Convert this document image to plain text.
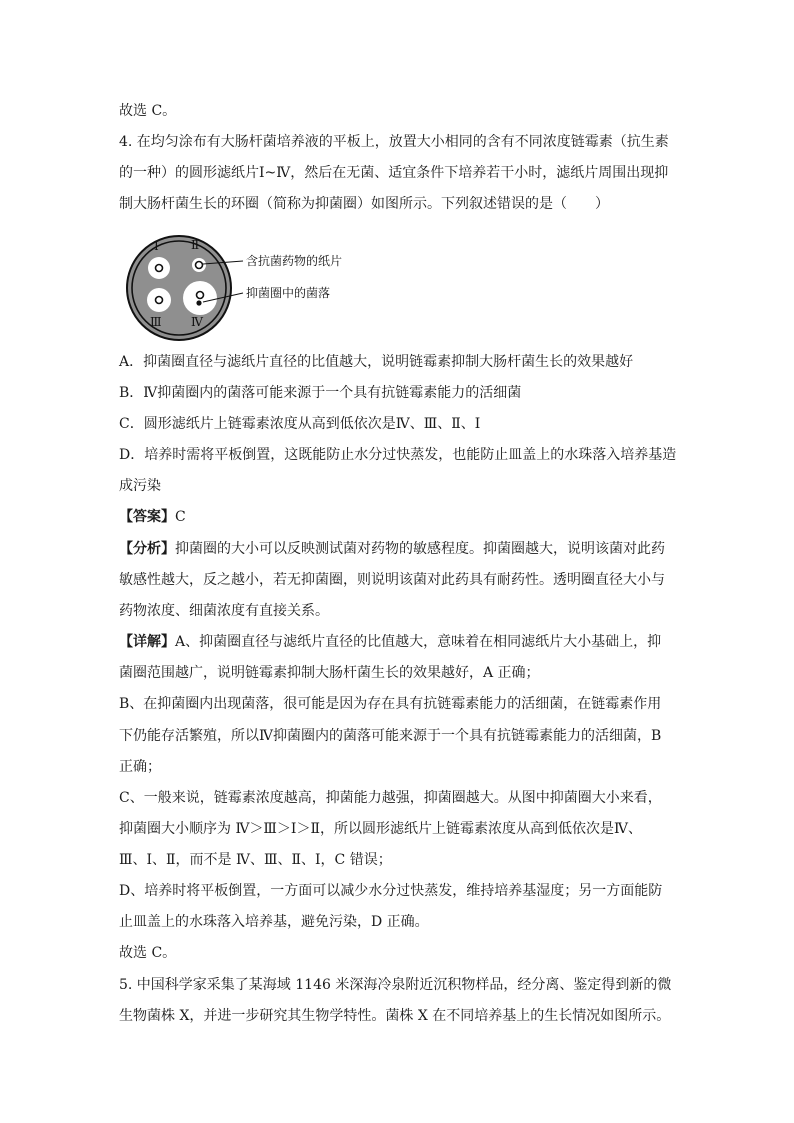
故选 C。
4. 在均匀涂布有大肠杆菌培养液的平板上，放置大小相同的含有不同浓度链霉素（抗生素
的一种）的圆形滤纸片Ⅰ~Ⅳ，然后在无菌、适宜条件下培养若干小时，滤纸片周围出现抑
制大肠杆菌生长的环圈（简称为抑菌圈）如图所示。下列叙述错误的是（　　）
Ⅰ	Ⅱ
Ⅲ Ⅳ
含抗菌药物的纸片
抑菌圈中的菌落
A．抑菌圈直径与滤纸片直径的比值越大，说明链霉素抑制大肠杆菌生长的效果越好
B．Ⅳ抑菌圈内的菌落可能来源于一个具有抗链霉素能力的活细菌
C．圆形滤纸片上链霉素浓度从高到低依次是Ⅳ、Ⅲ、Ⅱ、Ⅰ
D．培养时需将平板倒置，这既能防止水分过快蒸发，也能防止皿盖上的水珠落入培养基造
成污染
【答案】C
【分析】抑菌圈的大小可以反映测试菌对药物的敏感程度。抑菌圈越大，说明该菌对此药
敏感性越大，反之越小，若无抑菌圈，则说明该菌对此药具有耐药性。透明圈直径大小与
药物浓度、细菌浓度有直接关系。
【详解】A、抑菌圈直径与滤纸片直径的比值越大，意味着在相同滤纸片大小基础上，抑
菌圈范围越广，说明链霉素抑制大肠杆菌生长的效果越好，A 正确；
B、在抑菌圈内出现菌落，很可能是因为存在具有抗链霉素能力的活细菌，在链霉素作用
下仍能存活繁殖，所以Ⅳ抑菌圈内的菌落可能来源于一个具有抗链霉素能力的活细菌，B
正确；
C、一般来说，链霉素浓度越高，抑菌能力越强，抑菌圈越大。从图中抑菌圈大小来看，
抑菌圈大小顺序为 Ⅳ＞Ⅲ＞Ⅰ＞Ⅱ，所以圆形滤纸片上链霉素浓度从高到低依次是Ⅳ、
Ⅲ、Ⅰ、Ⅱ，而不是 Ⅳ、Ⅲ、Ⅱ、Ⅰ，C 错误；
D、培养时将平板倒置，一方面可以减少水分过快蒸发，维持培养基湿度；另一方面能防
止皿盖上的水珠落入培养基，避免污染，D 正确。
故选 C。
5. 中国科学家采集了某海域 1146 米深海冷泉附近沉积物样品，经分离、鉴定得到新的微
生物菌株 X，并进一步研究其生物学特性。菌株 X 在不同培养基上的生长情况如图所示。
